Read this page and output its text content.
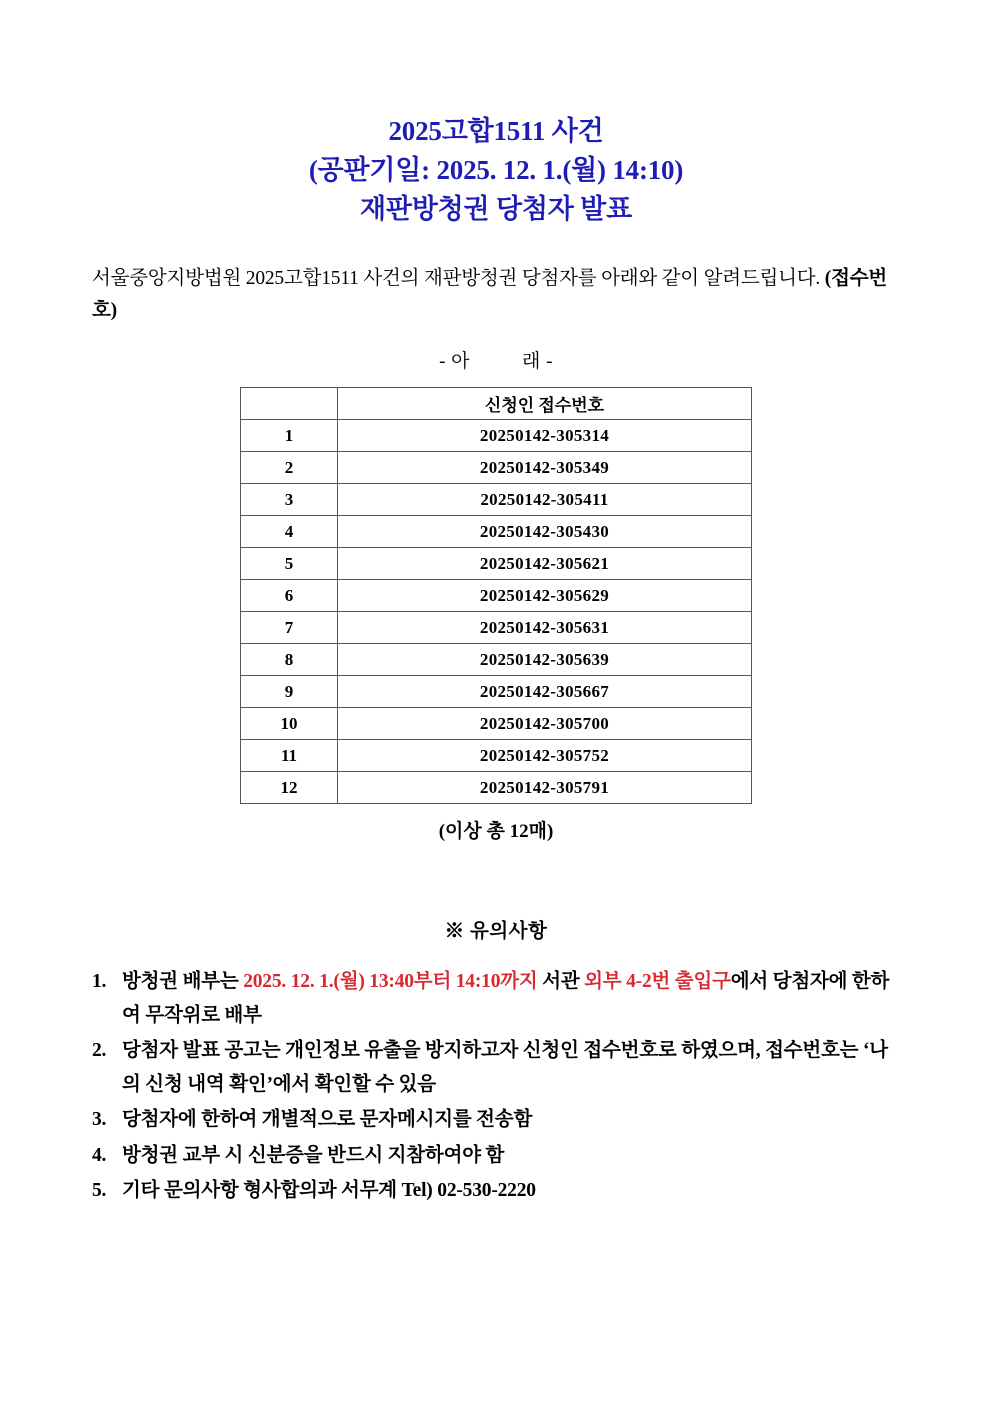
2025고합1511 사건
(공판기일: 2025. 12. 1.(월) 14:10)
재판방청권 당첨자 발표

서울중앙지방법원 2025고합1511 사건의 재판방청권 당첨자를 아래와 같이 알려드립니다. (접수번호)

- 아	래 -
	신청인 접수번호
1	20250142-305314
2	20250142-305349
3	20250142-305411
4	20250142-305430
5	20250142-305621
6	20250142-305629
7	20250142-305631
8	20250142-305639
9	20250142-305667
10	20250142-305700
11	20250142-305752
12	20250142-305791
(이상 총 12매)
※ 유의사항
1. 방청권 배부는 2025. 12. 1.(월) 13:40부터 14:10까지 서관 외부 4-2번 출입구에서 당첨자에 한하여 무작위로 배부
2. 당첨자 발표 공고는 개인정보 유출을 방지하고자 신청인 접수번호로 하였으며, 접수번호는 ‘나의 신청 내역 확인’에서 확인할 수 있음
3. 당첨자에 한하여 개별적으로 문자메시지를 전송함
4. 방청권 교부 시 신분증을 반드시 지참하여야 함
5. 기타 문의사항 형사합의과 서무계 Tel) 02-530-2220
